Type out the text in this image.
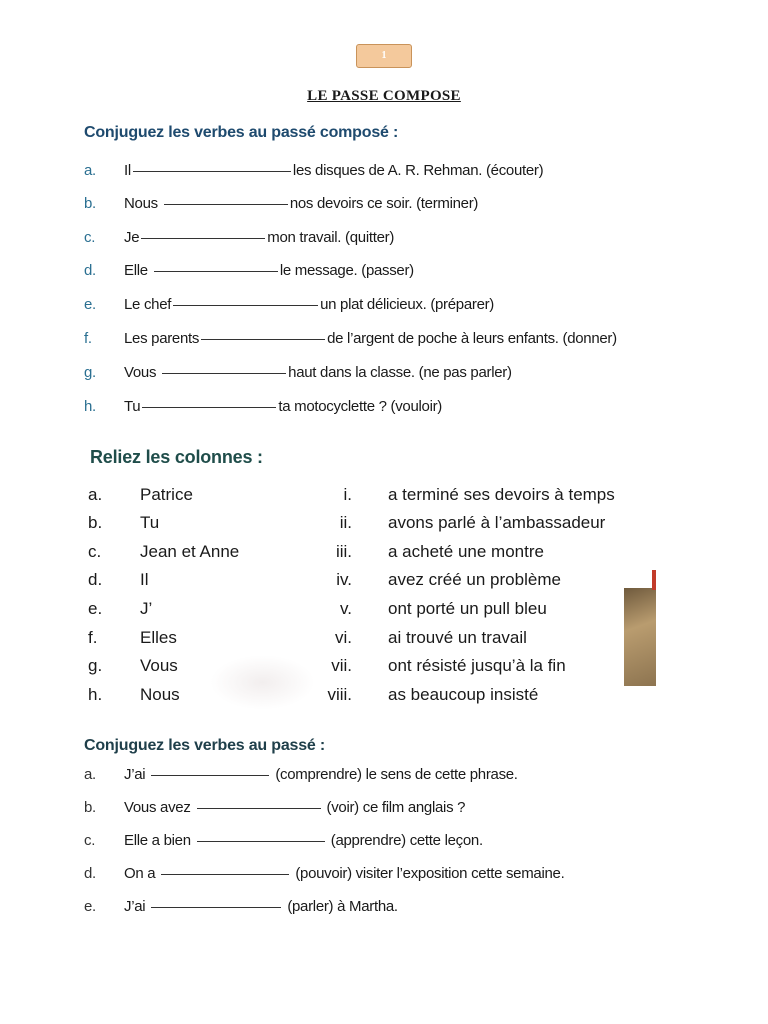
1
LE PASSE COMPOSE
Conjuguez les verbes au passé composé :
a.	Il	les disques de A. R. Rehman. (écouter)
b.	Nous	nos devoirs ce soir. (terminer)
c.	Je	mon travail. (quitter)
d.	Elle	le message. (passer)
e.	Le chef	un plat délicieux. (préparer)
f.	Les parents	de l’argent de poche à leurs enfants. (donner)
g.	Vous	haut dans la classe. (ne pas parler)
h.	Tu	ta motocyclette ? (vouloir)
Reliez les colonnes :
a. Patrice	i. a terminé ses devoirs à temps
b. Tu	ii. avons parlé à l’ambassadeur
c. Jean et Anne	iii. a acheté une montre
d. Il	iv. avez créé un problème
e. J’	v. ont porté un pull bleu
f.	Elles	vi. ai trouvé un travail
g. Vous	vii. ont résisté jusqu’à la fin
h. Nous	viii. as beaucoup insisté
Conjuguez les verbes au passé :
a.	J’ai	(comprendre) le sens de cette phrase.
b.	Vous avez	(voir) ce film anglais ?
c.	Elle a bien	(apprendre) cette leçon.
d.	On a	(pouvoir) visiter l’exposition cette semaine.
e.	J’ai	(parler) à Martha.
